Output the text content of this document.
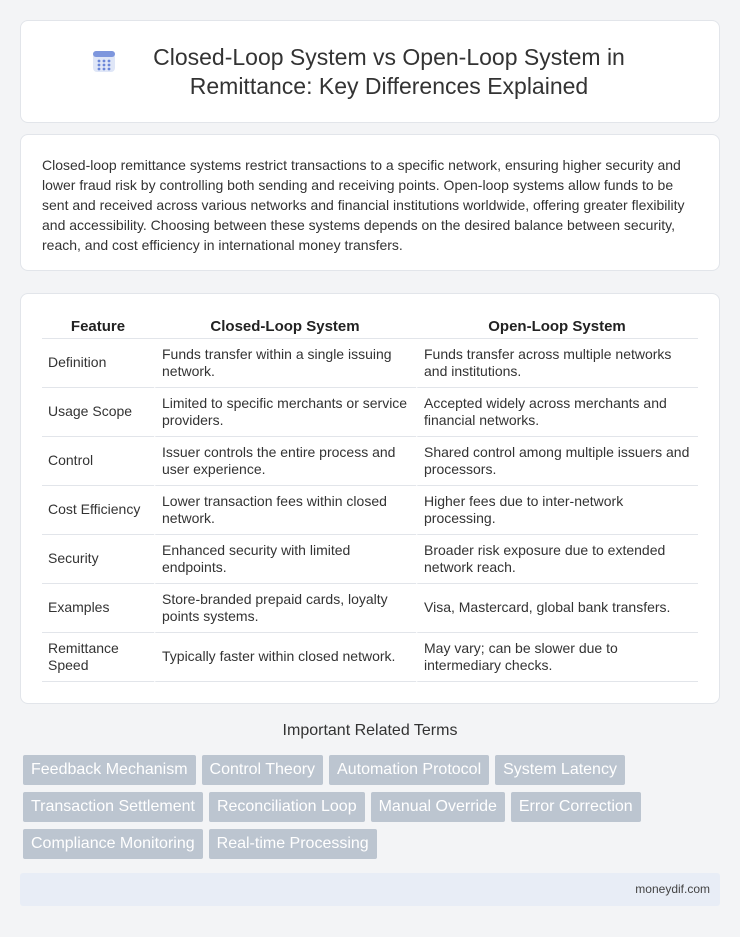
Closed-Loop System vs Open-Loop System in Remittance: Key Differences Explained

Closed-loop remittance systems restrict transactions to a specific network, ensuring higher security and lower fraud risk by controlling both sending and receiving points. Open-loop systems allow funds to be sent and received across various networks and financial institutions worldwide, offering greater flexibility and accessibility. Choosing between these systems depends on the desired balance between security, reach, and cost efficiency in international money transfers.

Feature	Closed-Loop System	Open-Loop System
Definition	Funds transfer within a single issuing network.	Funds transfer across multiple networks and institutions.
Usage Scope	Limited to specific merchants or service providers.	Accepted widely across merchants and financial networks.
Control	Issuer controls the entire process and user experience.	Shared control among multiple issuers and processors.
Cost Efficiency	Lower transaction fees within closed network.	Higher fees due to inter-network processing.
Security	Enhanced security with limited endpoints.	Broader risk exposure due to extended network reach.
Examples	Store-branded prepaid cards, loyalty points systems.	Visa, Mastercard, global bank transfers.
Remittance Speed	Typically faster within closed network.	May vary; can be slower due to intermediary checks.
Important Related Terms
Feedback Mechanism	Control Theory	Automation Protocol	System Latency
Transaction Settlement	Reconciliation Loop	Manual Override	Error Correction
Compliance Monitoring	Real-time Processing
moneydif.com
